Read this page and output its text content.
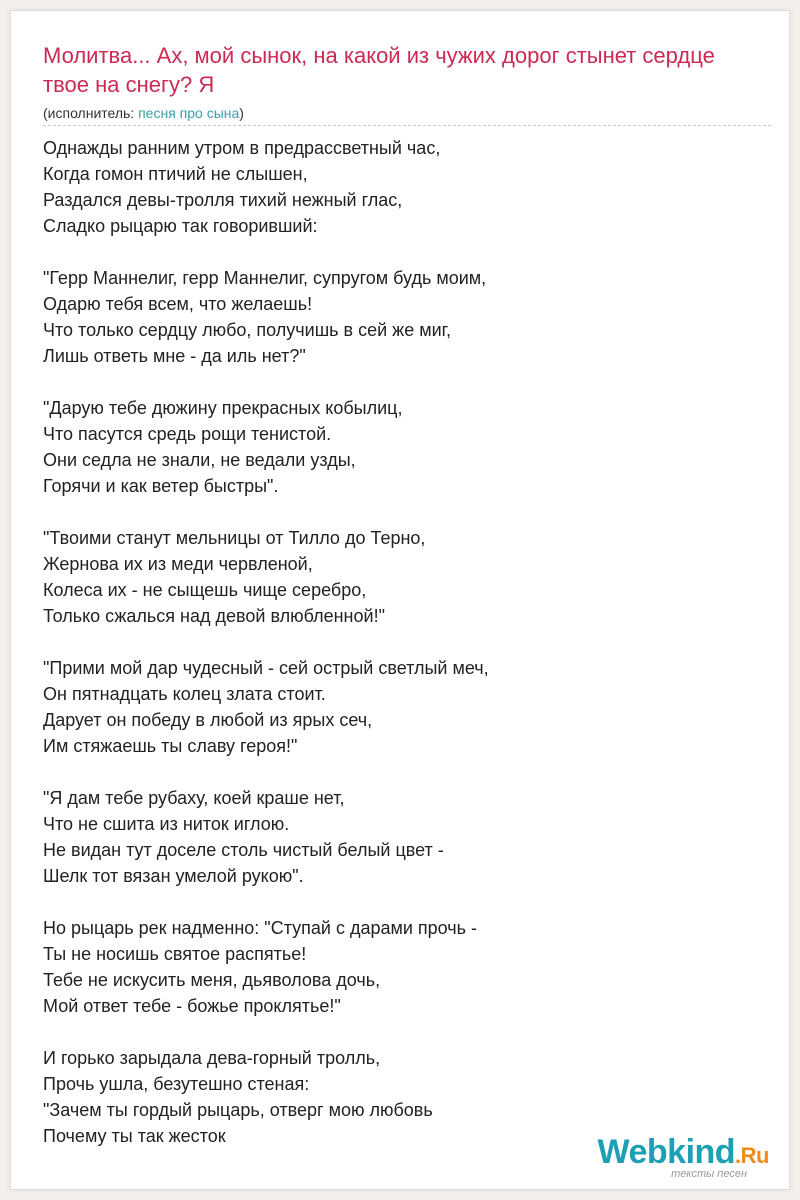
Молитва... Ах, мой сынок, на какой из чужих дорог стынет сердце твое на снегу? Я
(исполнитель: песня про сына)
Однажды ранним утром в предрассветный час,
Когда гомон птичий не слышен,
Раздался девы-тролля тихий нежный глас,
Сладко рыцарю так говоривший:
"Герр Маннелиг, герр Маннелиг, супругом будь моим,
Одарю тебя всем, что желаешь!
Что только сердцу любо, получишь в сей же миг,
Лишь ответь мне - да иль нет?"
"Дарую тебе дюжину прекрасных кобылиц,
Что пасутся средь рощи тенистой.
Они седла не знали, не ведали узды,
Горячи и как ветер быстры".
"Твоими станут мельницы от Тилло до Терно,
Жернова их из меди червленой,
Колеса их - не сыщешь чище серебро,
Только сжалься над девой влюбленной!"
"Прими мой дар чудесный - сей острый светлый меч,
Он пятнадцать колец злата стоит.
Дарует он победу в любой из ярых сеч,
Им стяжаешь ты славу героя!"
"Я дам тебе рубаху, коей краше нет,
Что не сшита из ниток иглою.
Не видан тут доселе столь чистый белый цвет -
Шелк тот вязан умелой рукою".
Но рыцарь рек надменно: "Ступай с дарами прочь -
Ты не носишь святое распятье!
Тебе не искусить меня, дьяволова дочь,
Мой ответ тебе - божье проклятье!"
И горько зарыдала дева-горный тролль,
Прочь ушла, безутешно стеная:
"Зачем ты гордый рыцарь, отверг мою любовь
Почему ты так жесток	Webkind.Ru
тексты песен
